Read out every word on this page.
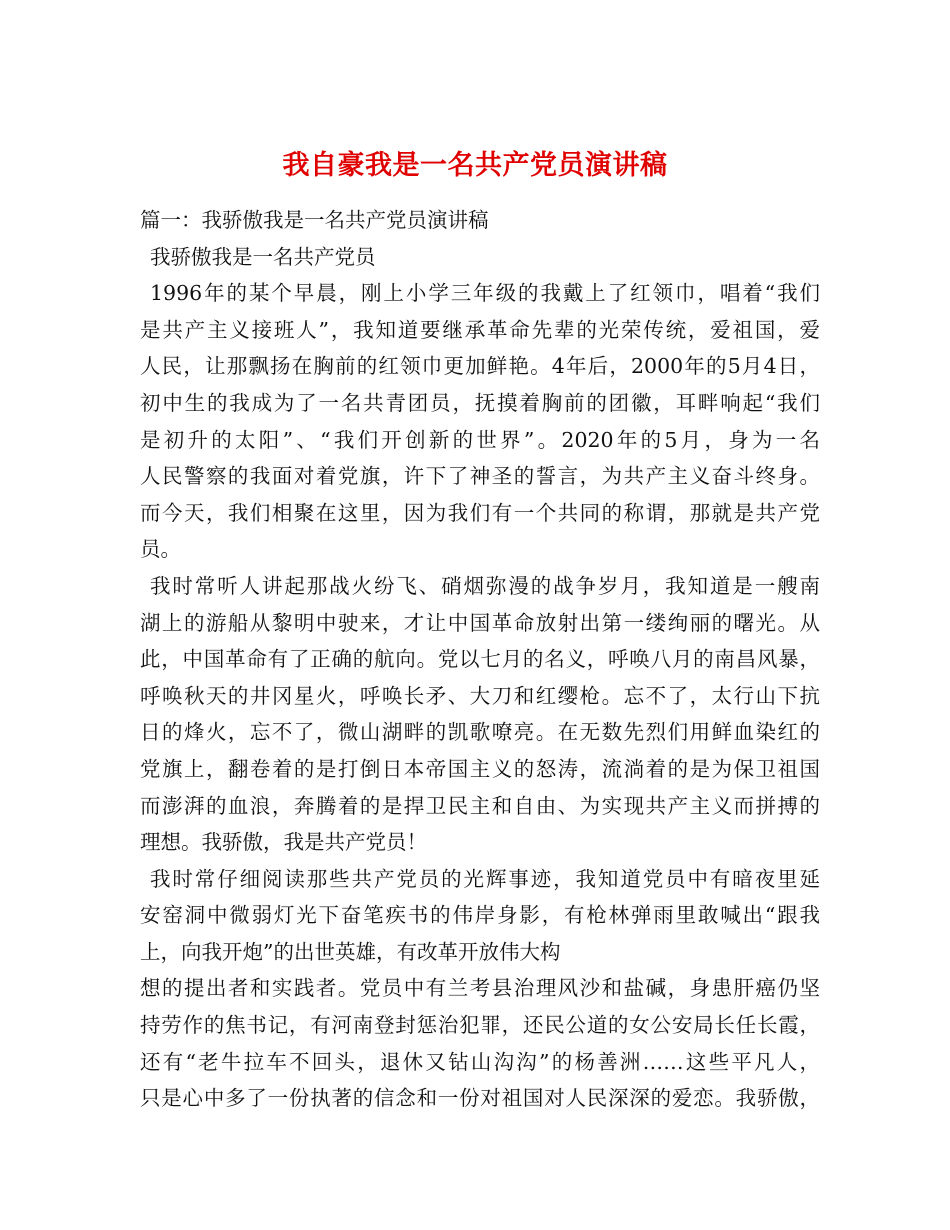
我自豪我是一名共产党员演讲稿
篇一：我骄傲我是一名共产党员演讲稿
我骄傲我是一名共产党员
1996年的某个早晨，刚上小学三年级的我戴上了红领巾，唱着“我们
是共产主义接班人”，我知道要继承革命先辈的光荣传统，爱祖国，爱
人民，让那飘扬在胸前的红领巾更加鲜艳。4年后，2000年的5月4日，
初中生的我成为了一名共青团员，抚摸着胸前的团徽，耳畔响起“我们
是初升的太阳”、“我们开创新的世界”。2020年的5月，身为一名
人民警察的我面对着党旗，许下了神圣的誓言，为共产主义奋斗终身。
而今天，我们相聚在这里，因为我们有一个共同的称谓，那就是共产党
员。
我时常听人讲起那战火纷飞、硝烟弥漫的战争岁月，我知道是一艘南
湖上的游船从黎明中驶来，才让中国革命放射出第一缕绚丽的曙光。从
此，中国革命有了正确的航向。党以七月的名义，呼唤八月的南昌风暴，
呼唤秋天的井冈星火，呼唤长矛、大刀和红缨枪。忘不了，太行山下抗
日的烽火，忘不了，微山湖畔的凯歌嘹亮。在无数先烈们用鲜血染红的
党旗上，翻卷着的是打倒日本帝国主义的怒涛，流淌着的是为保卫祖国
而澎湃的血浪，奔腾着的是捍卫民主和自由、为实现共产主义而拼搏的
理想。我骄傲，我是共产党员！
我时常仔细阅读那些共产党员的光辉事迹，我知道党员中有暗夜里延
安窑洞中微弱灯光下奋笔疾书的伟岸身影，有枪林弹雨里敢喊出“跟我
上，向我开炮”的出世英雄，有改革开放伟大构
想的提出者和实践者。党员中有兰考县治理风沙和盐碱，身患肝癌仍坚
持劳作的焦书记，有河南登封惩治犯罪，还民公道的女公安局长任长霞，
还有“老牛拉车不回头，退休又钻山沟沟”的杨善洲……这些平凡人，
只是心中多了一份执著的信念和一份对祖国对人民深深的爱恋。我骄傲，
